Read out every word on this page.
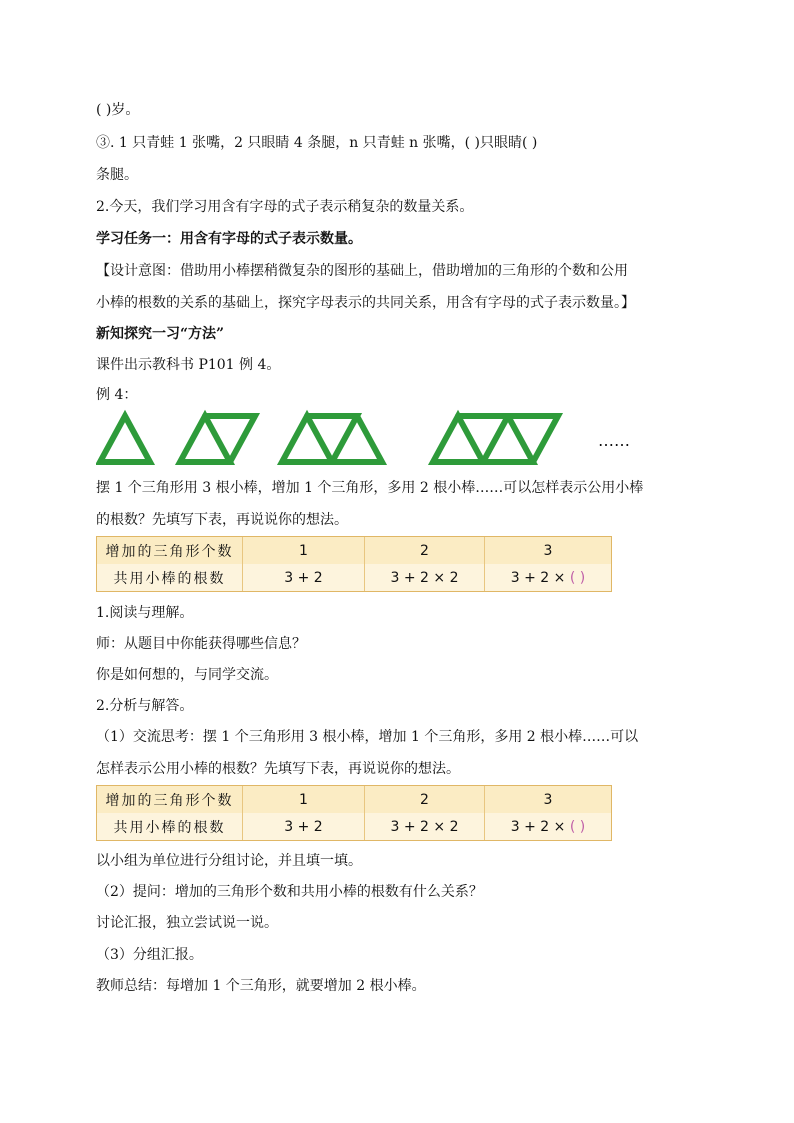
( )岁。
③. 1 只青蛙 1 张嘴，2 只眼睛 4 条腿，n 只青蛙 n 张嘴，( )只眼睛( )
条腿。
2.今天，我们学习用含有字母的式子表示稍复杂的数量关系。
学习任务一：用含有字母的式子表示数量。
【设计意图：借助用小棒摆稍微复杂的图形的基础上，借助增加的三角形的个数和公用
小棒的根数的关系的基础上，探究字母表示的共同关系，用含有字母的式子表示数量。】
新知探究一习“方法”
课件出示教科书 P101 例 4。
例 4：
……
摆 1 个三角形用 3 根小棒，增加 1 个三角形，多用 2 根小棒……可以怎样表示公用小棒
的根数？先填写下表，再说说你的想法。
增加的三角形个数	1	2	3
共用小棒的根数	3 + 2	3 + 2 × 2	3 + 2 ×
( )
1.阅读与理解。
师：从题目中你能获得哪些信息？
你是如何想的，与同学交流。
2.分析与解答。
（1）交流思考：摆 1 个三角形用 3 根小棒，增加 1 个三角形，多用 2 根小棒……可以
怎样表示公用小棒的根数？先填写下表，再说说你的想法。
增加的三角形个数	1	2	3
共用小棒的根数	3 + 2	3 + 2 × 2	3 + 2 ×
( )
以小组为单位进行分组讨论，并且填一填。
（2）提问：增加的三角形个数和共用小棒的根数有什么关系？
讨论汇报，独立尝试说一说。
（3）分组汇报。
教师总结：每增加 1 个三角形，就要增加 2 根小棒。
